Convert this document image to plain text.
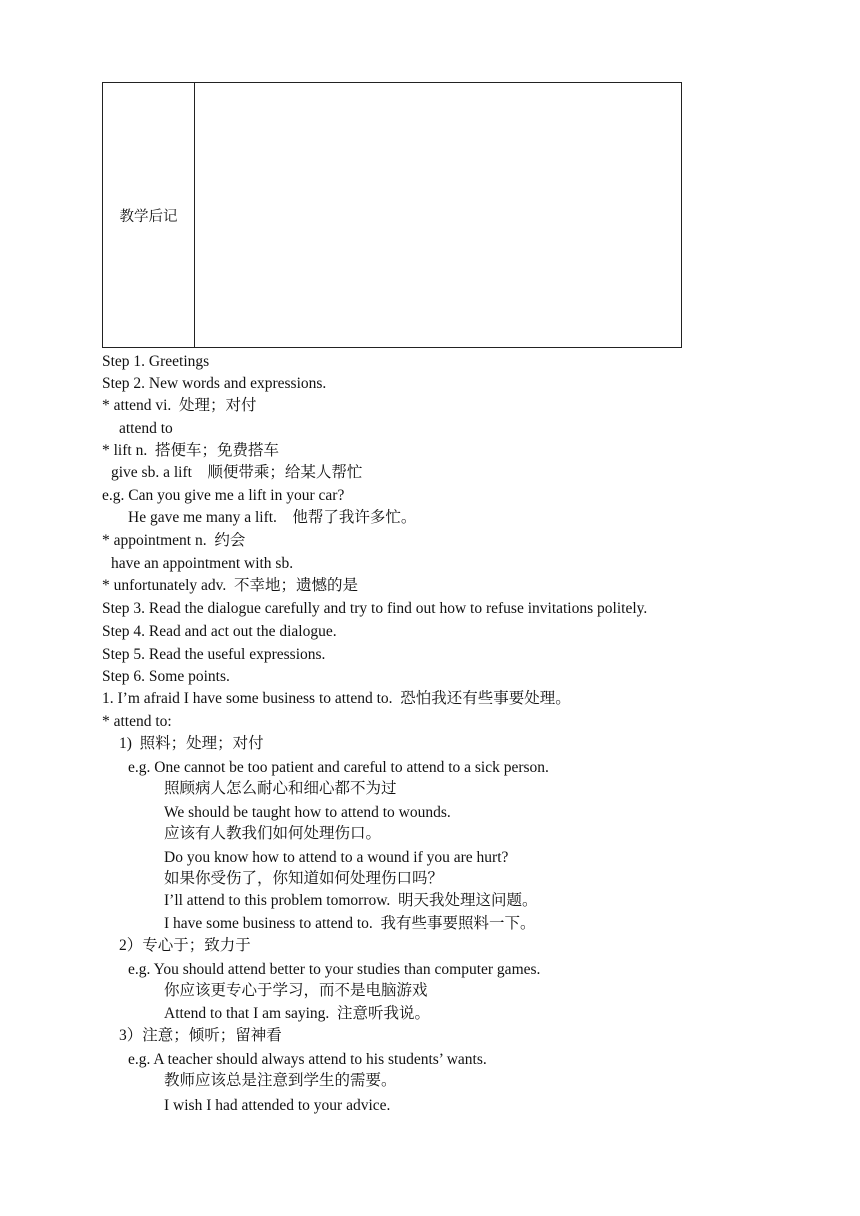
教学后记
Step 1. Greetings
Step 2. New words and expressions.
* attend vi.  处理；对付
attend to
* lift n.  搭便车；免费搭车
give sb. a lift    顺便带乘；给某人帮忙
e.g. Can you give me a lift in your car?
He gave me many a lift.    他帮了我许多忙。
* appointment n.  约会
have an appointment with sb.
* unfortunately adv.  不幸地；遗憾的是
Step 3. Read the dialogue carefully and try to find out how to refuse invitations politely.
Step 4. Read and act out the dialogue.
Step 5. Read the useful expressions.
Step 6. Some points.
1. I’m afraid I have some business to attend to.  恐怕我还有些事要处理。
* attend to:
1)  照料；处理；对付
e.g. One cannot be too patient and careful to attend to a sick person.
照顾病人怎么耐心和细心都不为过
We should be taught how to attend to wounds.
应该有人教我们如何处理伤口。
Do you know how to attend to a wound if you are hurt?
如果你受伤了，你知道如何处理伤口吗？
I’ll attend to this problem tomorrow.  明天我处理这问题。
I have some business to attend to.  我有些事要照料一下。
2）专心于；致力于
e.g. You should attend better to your studies than computer games.
你应该更专心于学习，而不是电脑游戏
Attend to that I am saying.  注意听我说。
3）注意；倾听；留神看
e.g. A teacher should always attend to his students’ wants.
教师应该总是注意到学生的需要。
I wish I had attended to your advice.
